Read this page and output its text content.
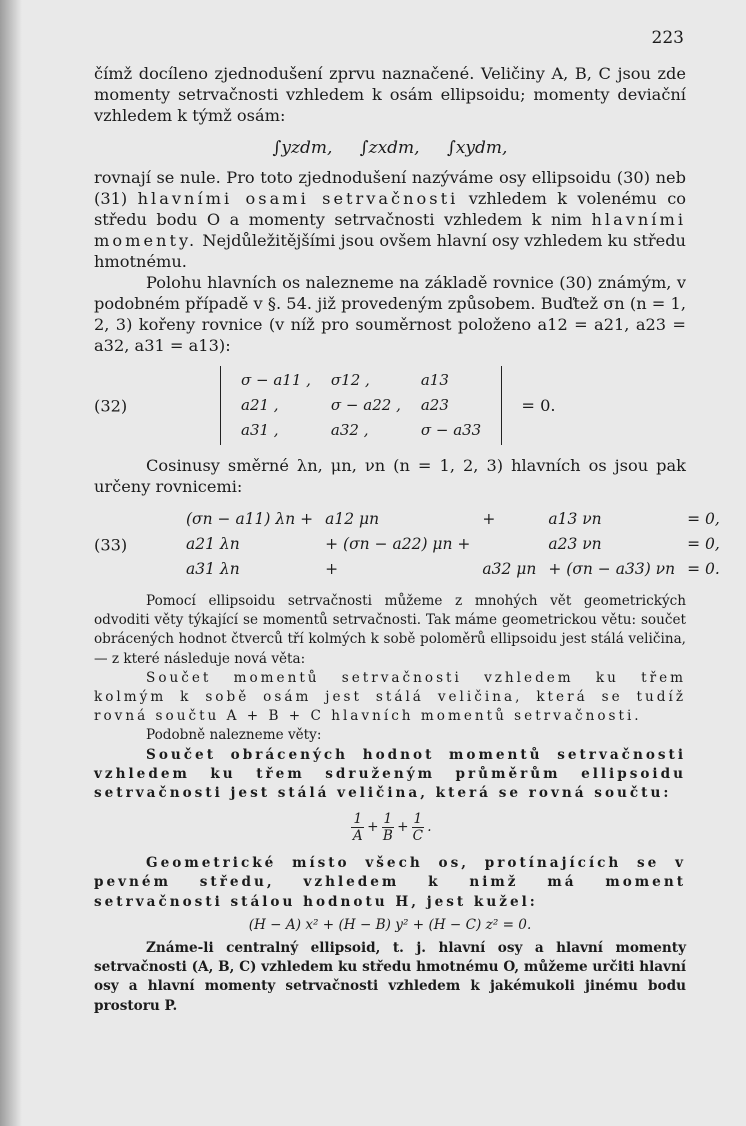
223

čímž docíleno zjednodušení zprvu naznačené. Veličiny A, B, C jsou zde momenty setrvačnosti vzhledem k osám ellipsoidu; momenty deviační vzhledem k týmž osám:

∫yzdm, ∫zxdm, ∫xydm,

rovnají se nule. Pro toto zjednodušení nazýváme osy ellipsoidu (30) neb (31) hlavními osami setrvačnosti vzhledem k volenému co středu bodu O a momenty setrvačnosti vzhledem k nim hlavními momenty. Nejdůležitějšími jsou ovšem hlavní osy vzhledem ku středu hmotnému.

Polohu hlavních os nalezneme na základě rovnice (30) známým, v podobném případě v §. 54. již provedeným způsobem. Buďtež σn (n = 1, 2, 3) kořeny rovnice (v níž pro souměrnost položeno a12 = a21, a23 = a32, a31 = a13):

(32)
σ − a11 ,	σ12 ,	a13
a21 ,	σ − a22 ,	a23
a31 ,	a32 ,	σ − a33
= 0.

Cosinusy směrné λn, μn, νn (n = 1, 2, 3) hlavních os jsou pak určeny rovnicemi:

(33)
(σn − a11) λn +	a12 μn	+	a13 νn	= 0,
a21 λn	+ (σn − a22) μn +		a23 νn	= 0,
a31 λn	+	a32 μn	+ (σn − a33) νn	= 0.

Pomocí ellipsoidu setrvačnosti můžeme z mnohých vět geometrických odvoditi věty týkající se momentů setrvačnosti. Tak máme geometrickou větu: součet obrácených hodnot čtverců tří kolmých k sobě poloměrů ellipsoidu jest stálá veličina, — z které následuje nová věta:

Součet momentů setrvačnosti vzhledem ku třem kolmým k sobě osám jest stálá veličina, která se tudíž rovná součtu A + B + C hlavních momentů setrvačnosti.

Podobně nalezneme věty:

Součet obrácených hodnot momentů setrvačnosti vzhledem ku třem sdruženým průměrům ellipsoidu setrvačnosti jest stálá veličina, která se rovná součtu:

$\frac{1}{A} + \frac{1}{B} + \frac{1}{C}$ .

Geometrické místo všech os, protínajících se v pevném středu, vzhledem k nimž má moment setrvačnosti stálou hodnotu H, jest kužel:

(H − A) x² + (H − B) y² + (H − C) z² = 0.

Známe-li centralný ellipsoid, t. j. hlavní osy a hlavní momenty setrvačnosti (A, B, C) vzhledem ku středu hmotnému O, můžeme určiti hlavní osy a hlavní momenty setrvačnosti vzhledem k jakémukoli jinému bodu prostoru P.
